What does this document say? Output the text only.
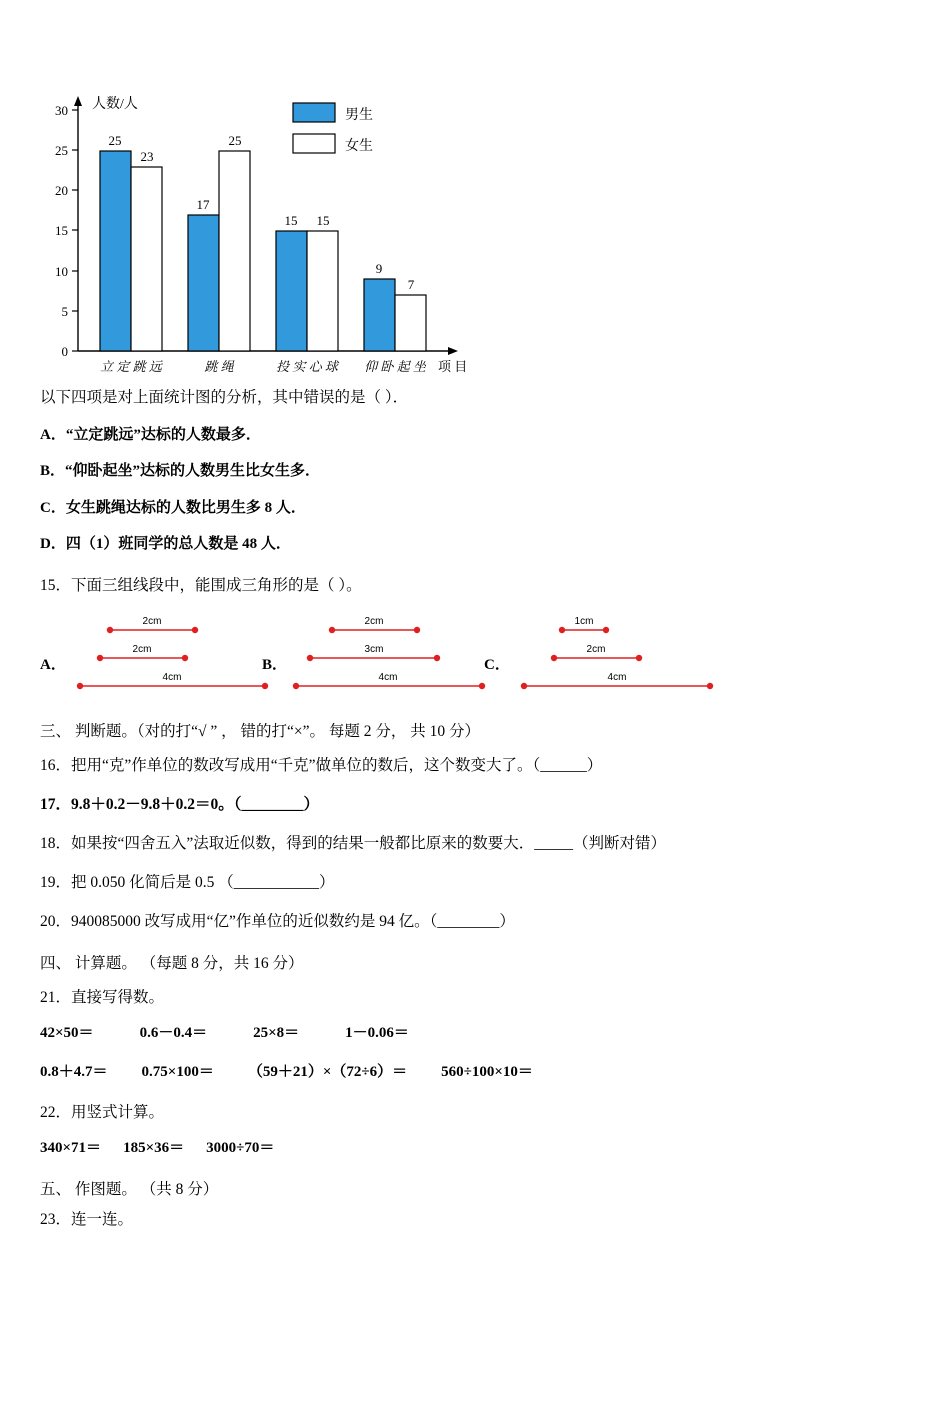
0
5
10
15
20
25
30 人数/人
项 目
25
23
17
25
15 15
9
7
立 定 跳 远	跳 绳	投 实 心 球 仰 卧 起 坐
男生
女生

以下四项是对上面统计图的分析，其中错误的是（ ）．

A．“立定跳远”达标的人数最多．

B．“仰卧起坐”达标的人数男生比女生多．

C．女生跳绳达标的人数比男生多 8 人．

D．四（1）班同学的总人数是 48 人．

15．下面三组线段中，能围成三角形的是（ ）。

A．
2cm
2cm
4cm
B．
2cm
3cm
4cm
C．
1cm
2cm
4cm

三、 判断题。（对的打“√ ” ， 错的打“×”。 每题 2 分， 共 10 分）

16．把用“克”作单位的数改写成用“千克”做单位的数后，这个数变大了。（______）

17．9.8＋0.2－9.8＋0.2＝0。（________）

18．如果按“四舍五入”法取近似数，得到的结果一般都比原来的数要大．_____（判断对错）

19．把 0.050 化简后是 0.5 （___________）

20．940085000 改写成用“亿”作单位的近似数约是 94 亿。（________）

四、 计算题。 （每题 8 分，共 16 分）

21．直接写得数。

42×50＝	0.6－0.4＝	25×8＝	1－0.06＝

0.8＋4.7＝ 0.75×100＝ （59＋21）×（72÷6）＝ 560÷100×10＝

22．用竖式计算。

340×71＝ 185×36＝ 3000÷70＝

五、 作图题。 （共 8 分）

23．连一连。
